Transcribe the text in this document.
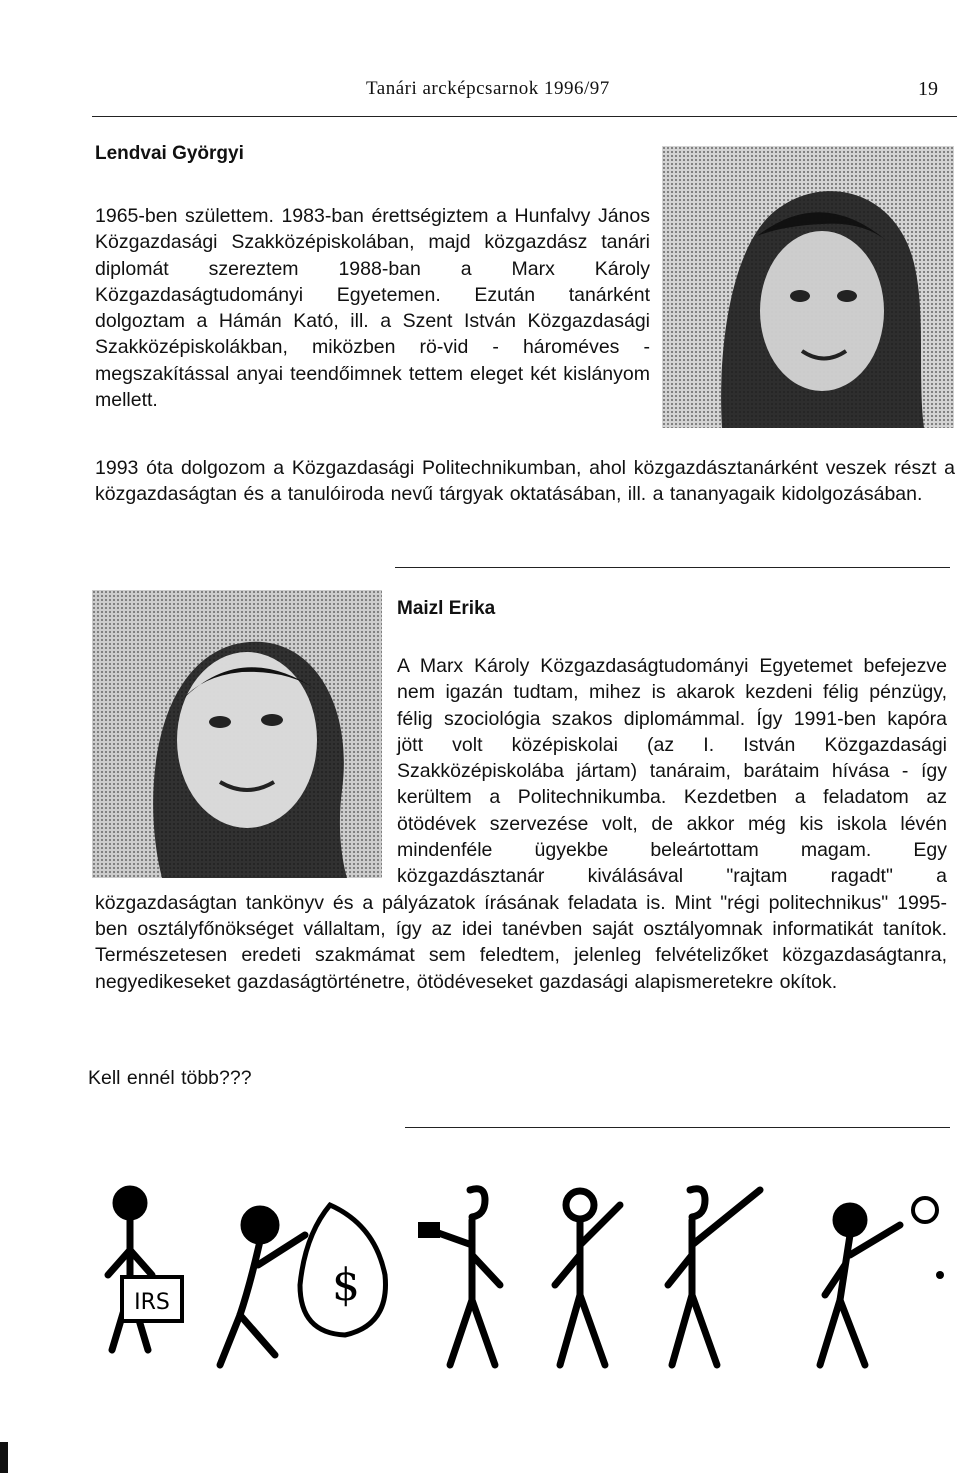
Tanári arcképcsarnok 1996/97	19
Lendvai Györgyi

1965-ben születtem. 1983-ban érettségiztem a Hunfalvy János Közgazdasági Szakközépiskolában, majd közgazdász tanári diplomát szereztem 1988-ban a Marx Károly Közgazdaságtudományi Egyetemen. Ezután tanárként dolgoztam a Hámán Kató, ill. a Szent István Közgazdasági Szakközépiskolákban, miközben rö-vid - hároméves - megszakítással anyai teendőimnek tettem eleget két kislányom mellett.

1993 óta dolgozom a Közgazdasági Politechnikumban, ahol közgazdásztanárként veszek részt a közgazdaságtan és a tanulóiroda nevű tárgyak oktatásában, ill. a tananyagaik kidolgozásában.

Maizl Erika

A Marx Károly Közgazdaságtudományi Egyetemet befejezve nem igazán tudtam, mihez is akarok kezdeni félig pénzügy, félig szociológia szakos diplomámmal. Így 1991-ben kapóra jött volt középiskolai (az I. István Közgazdasági Szakközépiskolába jártam) tanáraim, barátaim hívása - így kerültem a Politechnikumba. Kezdetben a feladatom az ötödévek szervezése volt, de akkor még kis iskola lévén mindenféle ügyekbe beleártottam magam. Egy közgazdásztanár kiválásával "rajtam ragadt" a közgazdaságtan tankönyv és a pályázatok írásának feladata is. Mint "régi politechnikus" 1995-ben osztályfőnökséget vállaltam, így az idei tanévben saját osztályomnak informatikát tanítok. Természetesen eredeti szakmámat sem feledtem, jelenleg felvételizőket közgazdaságtanra, negyedikeseket gazdaságtörténetre, ötödéveseket gazdasági alapismeretekre okítok.

Kell ennél több???

IRS	$
